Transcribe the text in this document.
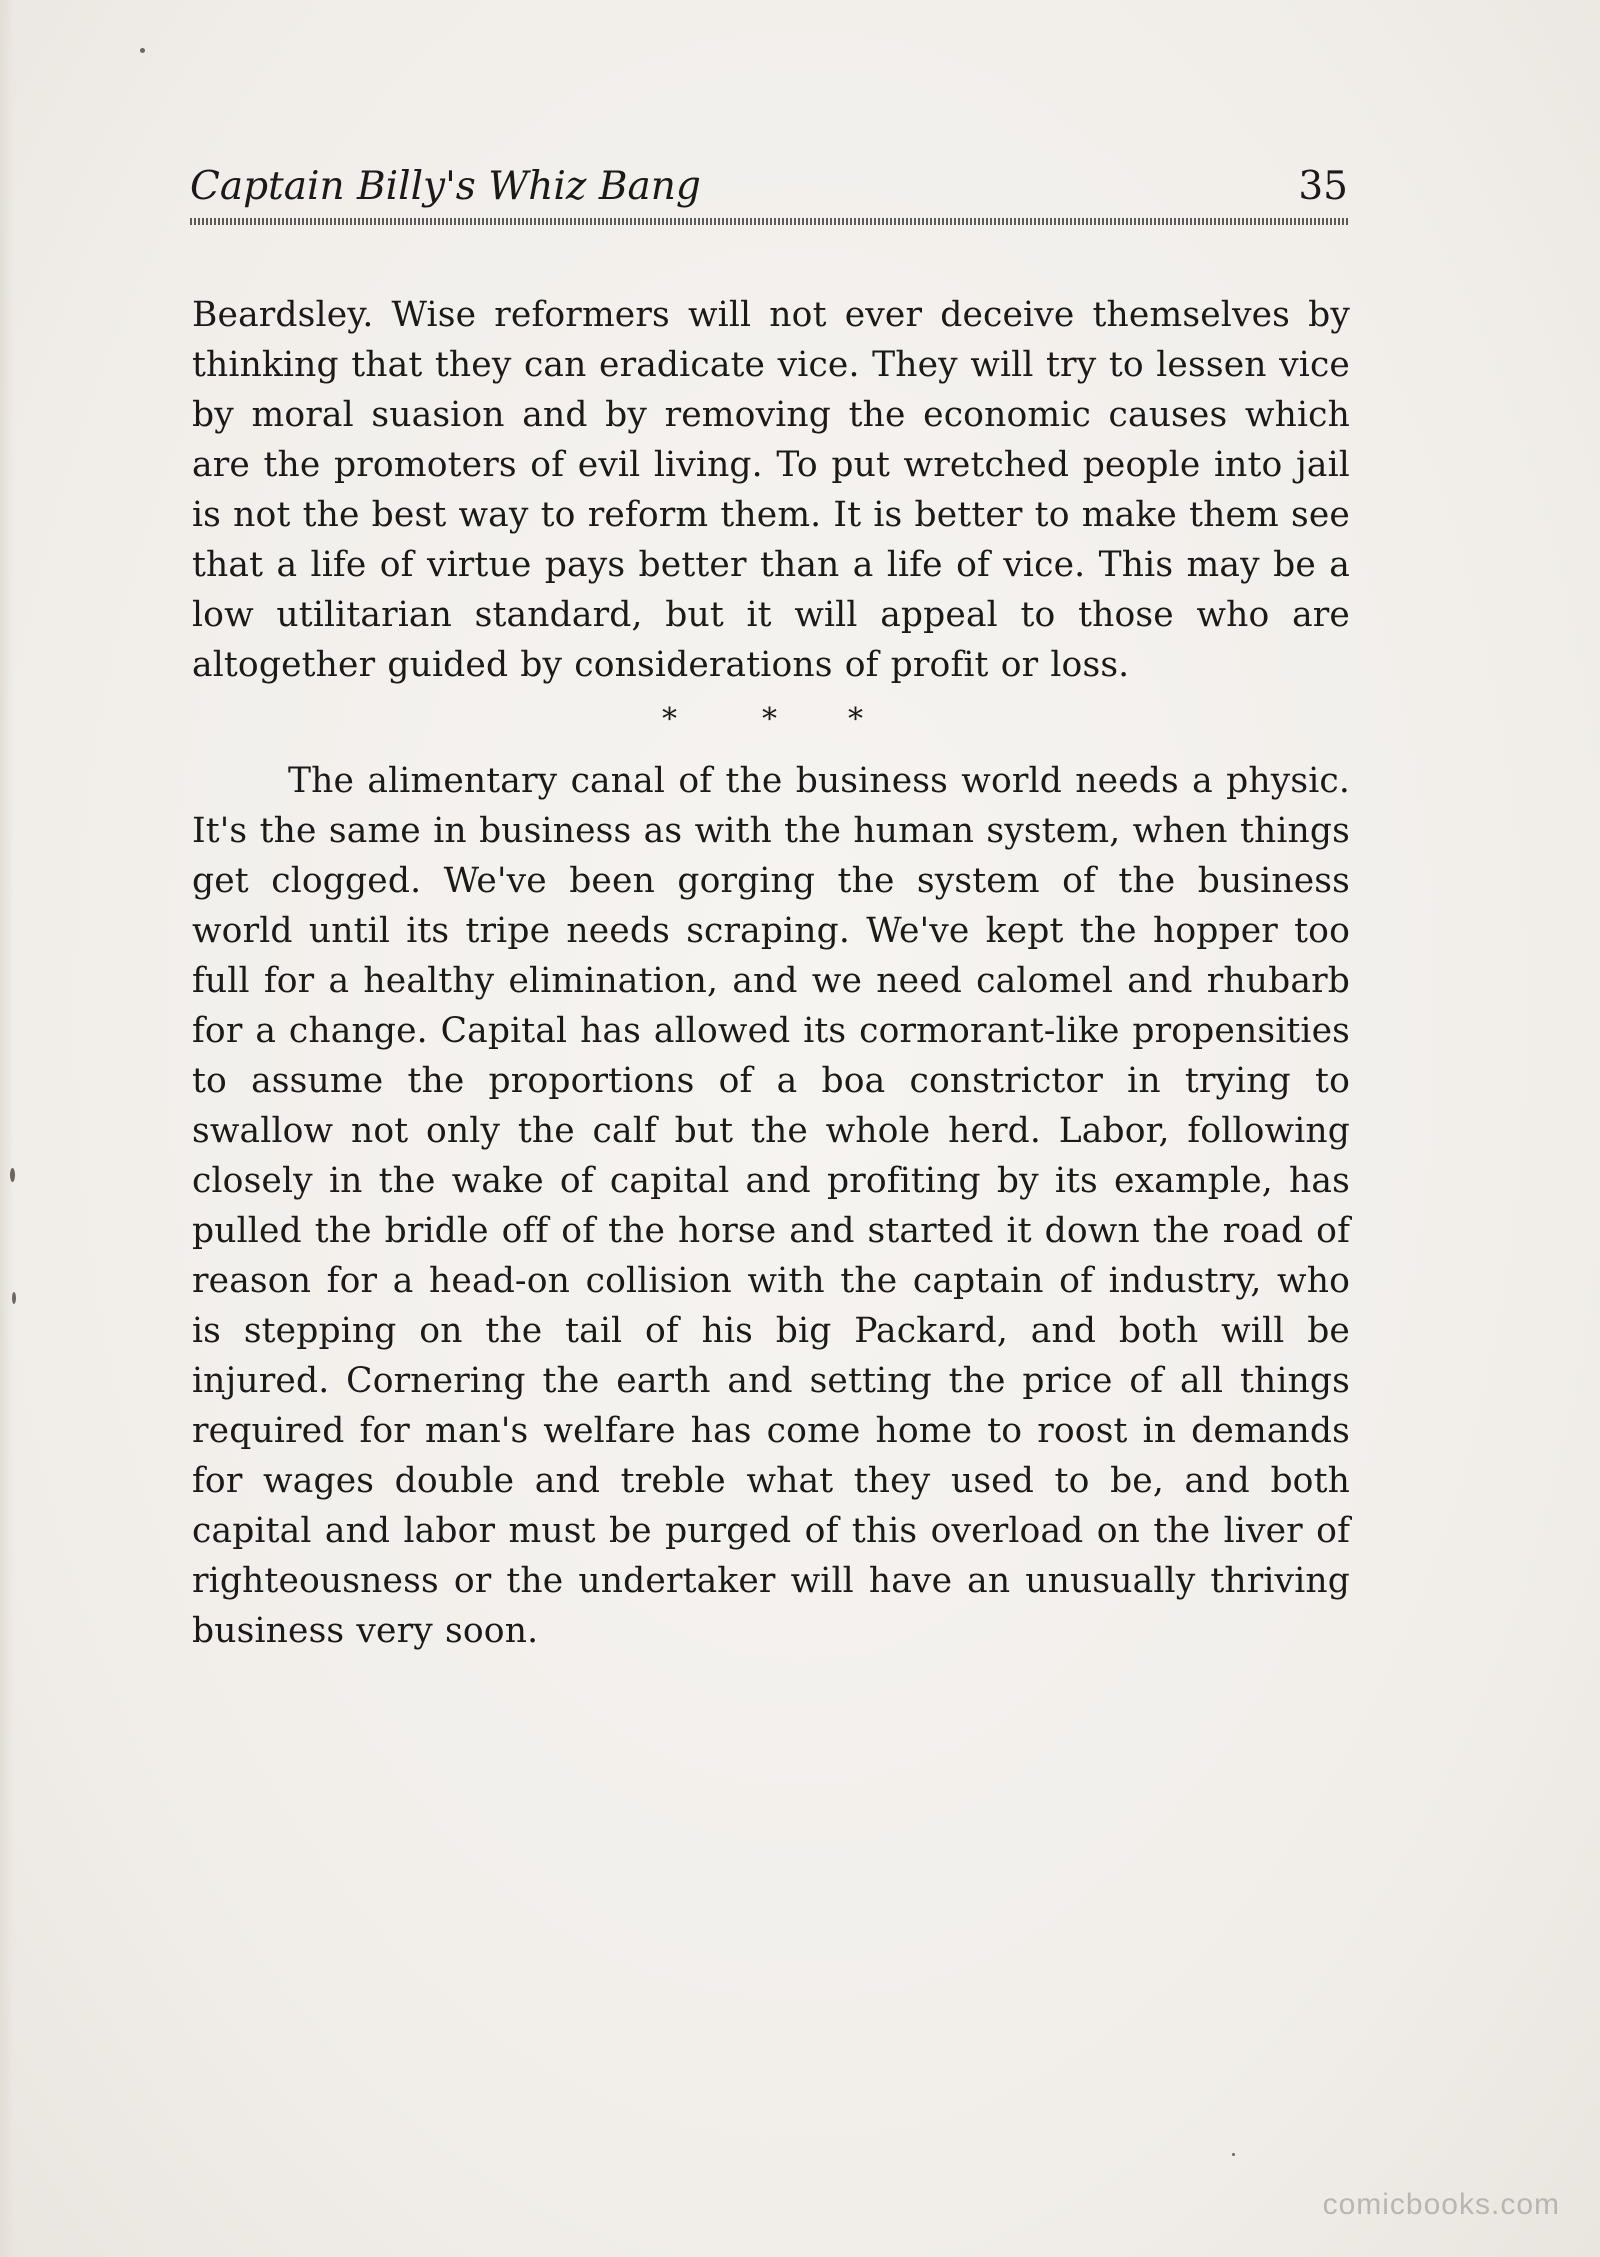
Captain Billy's Whiz Bang	35

Beardsley. Wise reformers will not ever deceive themselves by thinking that they can eradicate vice. They will try to lessen vice by moral suasion and by removing the economic causes which are the promoters of evil living. To put wretched people into jail is not the best way to reform them. It is better to make them see that a life of virtue pays better than a life of vice. This may be a low utilitarian standard, but it will appeal to those who are altogether guided by considerations of profit or loss.

*	* *

The alimentary canal of the business world needs a physic. It's the same in business as with the human system, when things get clogged. We've been gorging the system of the business world until its tripe needs scraping. We've kept the hopper too full for a healthy elimination, and we need calomel and rhubarb for a change. Capital has allowed its cormorant-like propensities to assume the proportions of a boa constrictor in trying to swallow not only the calf but the whole herd. Labor, following closely in the wake of capital and profiting by its example, has pulled the bridle off of the horse and started it down the road of reason for a head-on collision with the captain of industry, who is stepping on the tail of his big Packard, and both will be injured. Cornering the earth and setting the price of all things required for man's welfare has come home to roost in demands for wages double and treble what they used to be, and both capital and labor must be purged of this overload on the liver of righteousness or the undertaker will have an unusually thriving business very soon.

comicbooks.com
